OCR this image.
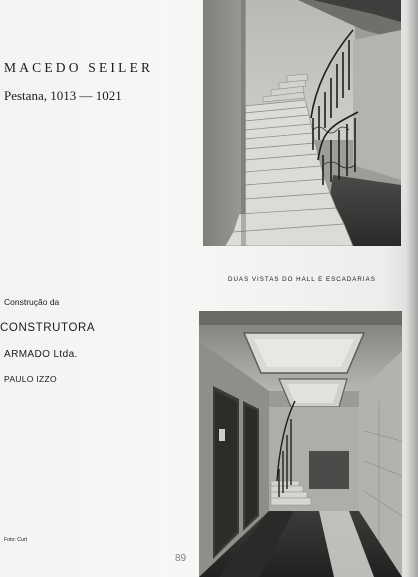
MACEDO SEILER
Pestana, 1013 — 1021
DUAS VISTAS DO HALL E ESCADARIAS
Construção da
CONSTRUTORA
ARMADO Ltda.
PAULO IZZO
Foto: Curt
89
